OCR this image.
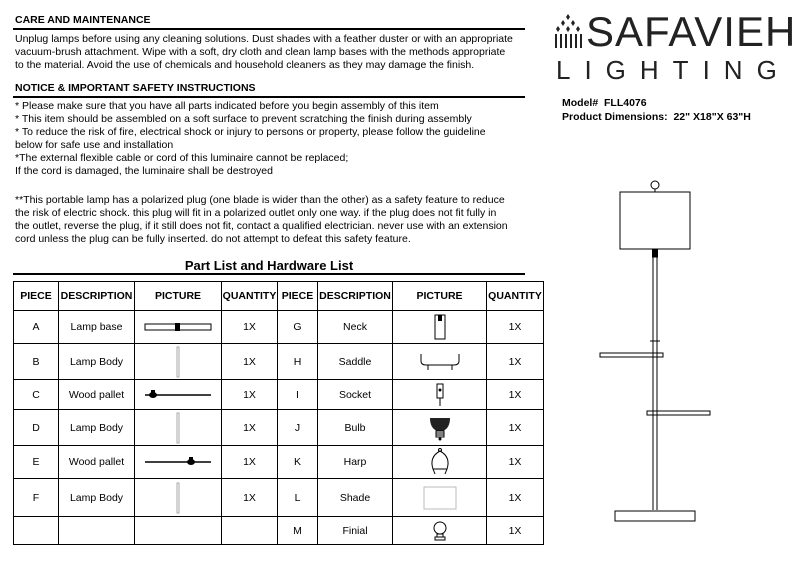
CARE AND MAINTENANCE
Unplug lamps before using any cleaning solutions. Dust shades with a feather duster or with an appropriate
vacuum-brush attachment. Wipe with a soft, dry cloth and clean lamp bases with the methods appropriate
to the material. Avoid the use of chemicals and household cleaners as they may damage the finish.
NOTICE & IMPORTANT SAFETY INSTRUCTIONS
* Please make sure that you have all parts indicated before you begin assembly of this item
* This item should be assembled on a soft surface to prevent scratching the finish during assembly
* To reduce the risk of fire, electrical shock or injury to persons or property, please follow the guideline
below for safe use and installation
*The external flexible cable or cord of this luminaire cannot be replaced;
If the cord is damaged, the luminaire shall be destroyed
**This portable lamp has a polarized plug (one blade is wider than the other) as a safety feature to reduce
the risk of electric shock. this plug will fit in a polarized outlet only one way. if the plug does not fit fully in
the outlet, reverse the plug, if it still does not fit, contact a qualified electrician. never use with an extension
cord unless the plug can be fully inserted. do not attempt to defeat this safety feature.
SAFAVIEH
LIGHTING
Model# FLL4076
Product Dimensions: 22" X18"X 63"H
Part List and Hardware List
PIECE	DESCRIPTION	PICTURE	QUANTITY	PIECE	DESCRIPTION	PICTURE	QUANTITY
A	Lamp base		1X	G	Neck		1X
B	Lamp Body		1X	H	Saddle		1X
C	Wood pallet		1X	I	Socket		1X
D	Lamp Body		1X	J	Bulb		1X
E	Wood pallet		1X	K	Harp		1X
F	Lamp Body		1X	L	Shade		1X
				M	Finial		1X
